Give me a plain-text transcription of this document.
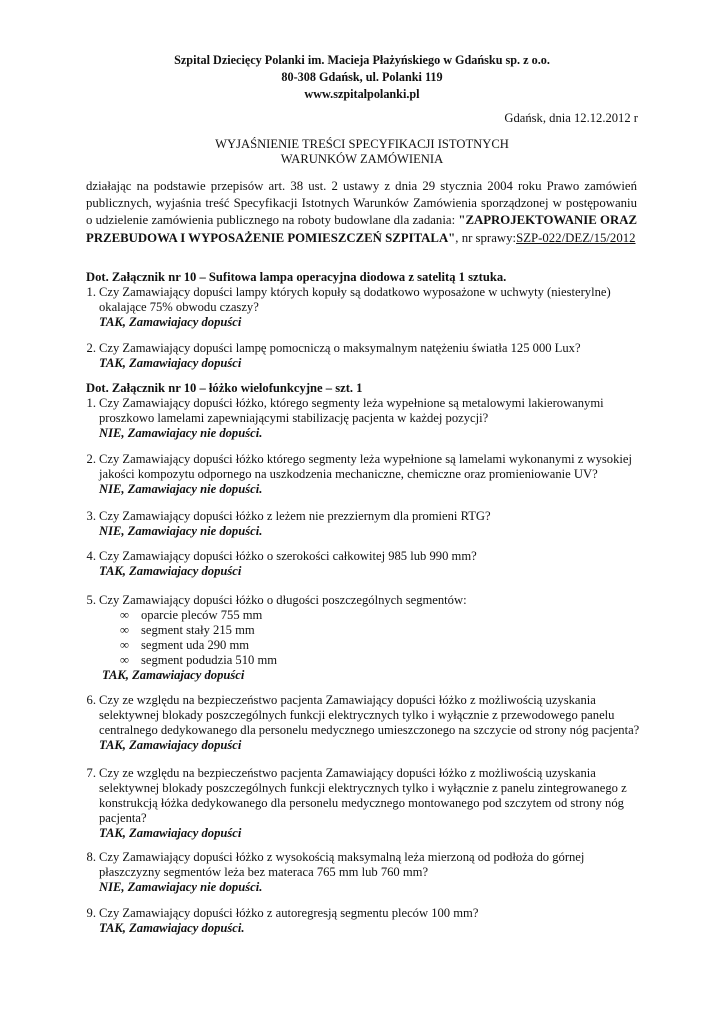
Szpital Dziecięcy Polanki im. Macieja Płażyńskiego w Gdańsku sp. z o.o.
80-308 Gdańsk, ul. Polanki 119
www.szpitalpolanki.pl
Gdańsk, dnia 12.12.2012 r
WYJAŚNIENIE TREŚCI SPECYFIKACJI ISTOTNYCH
WARUNKÓW ZAMÓWIENIA
działając na podstawie przepisów art. 38 ust. 2 ustawy z dnia 29 stycznia 2004 roku Prawo zamówień publicznych, wyjaśnia treść Specyfikacji Istotnych Warunków Zamówienia sporządzonej w postępowaniu o udzielenie zamówienia publicznego na roboty budowlane dla zadania: "ZAPROJEKTOWANIE ORAZ PRZEBUDOWA I WYPOSAŻENIE POMIESZCZEŃ SZPITALA", nr sprawy:SZP-022/DEZ/15/2012
Dot. Załącznik nr 10 – Sufitowa lampa operacyjna diodowa z satelitą 1 sztuka.
1. Czy Zamawiający dopuści lampy których kopuły są dodatkowo wyposażone w uchwyty (niesterylne) okalające 75% obwodu czaszy?
TAK, Zamawiajacy dopuści
2. Czy Zamawiający dopuści lampę pomocniczą o maksymalnym natężeniu światła 125 000 Lux?
TAK, Zamawiajacy dopuści
Dot. Załącznik nr 10 – łóżko wielofunkcyjne – szt. 1
1. Czy Zamawiający dopuści łóżko, którego segmenty leża wypełnione są metalowymi lakierowanymi proszkowo lamelami zapewniającymi stabilizację pacjenta w każdej pozycji?
NIE, Zamawiajacy nie dopuści.
2. Czy Zamawiający dopuści łóżko którego segmenty leża wypełnione są lamelami wykonanymi z wysokiej jakości kompozytu odpornego na uszkodzenia mechaniczne, chemiczne oraz promieniowanie UV?
NIE, Zamawiajacy nie dopuści.
3. Czy Zamawiający dopuści łóżko z leżem nie prezziernym dla promieni RTG?
NIE, Zamawiajacy nie dopuści.
4. Czy Zamawiający dopuści łóżko o szerokości całkowitej 985 lub 990 mm?
TAK, Zamawiajacy dopuści
5. Czy Zamawiający dopuści łóżko o długości poszczególnych segmentów:
∞ oparcie pleców 755 mm
∞ segment stały 215 mm
∞ segment uda 290 mm
∞ segment podudzia 510 mm
TAK, Zamawiajacy dopuści
6. Czy ze względu na bezpieczeństwo pacjenta Zamawiający dopuści łóżko z możliwością uzyskania selektywnej blokady poszczególnych funkcji elektrycznych tylko i wyłącznie z przewodowego panelu centralnego dedykowanego dla personelu medycznego umieszczonego na szczycie od strony nóg pacjenta?
TAK, Zamawiajacy dopuści
7. Czy ze względu na bezpieczeństwo pacjenta Zamawiający dopuści łóżko z możliwością uzyskania selektywnej blokady poszczególnych funkcji elektrycznych tylko i wyłącznie z panelu zintegrowanego z konstrukcją łóżka dedykowanego dla personelu medycznego montowanego pod szczytem od strony nóg pacjenta?
TAK, Zamawiajacy dopuści
8. Czy Zamawiający dopuści łóżko z wysokością maksymalną leża mierzoną od podłoża do górnej płaszczyzny segmentów leża bez materaca 765 mm lub 760 mm?
NIE, Zamawiajacy nie dopuści.
9. Czy Zamawiający dopuści łóżko z autoregresją segmentu pleców 100 mm?
TAK, Zamawiajacy dopuści.
